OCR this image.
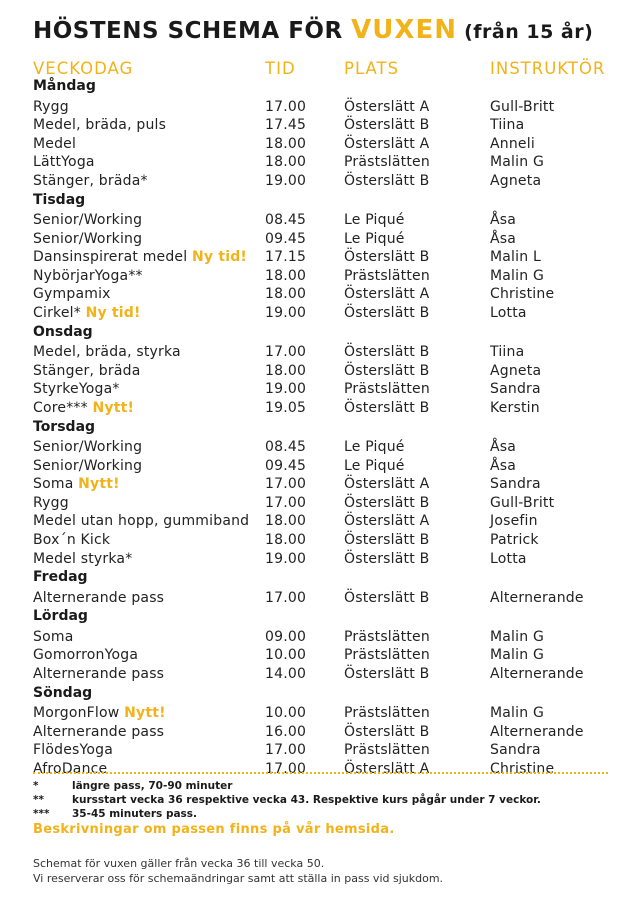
HÖSTENS SCHEMA FÖR VUXEN (från 15 år)
VECKODAG	TID	PLATS	INSTRUKTÖR
Måndag
Rygg	17.00	Österslätt A	Gull-Britt
Medel, bräda, puls	17.45	Österslätt B	Tiina
Medel	18.00	Österslätt A	Anneli
LättYoga	18.00	Prästslätten	Malin G
Stänger, bräda*	19.00	Österslätt B	Agneta
Tisdag
Senior/Working	08.45	Le Piqué	Åsa
Senior/Working	09.45	Le Piqué	Åsa
Dansinspirerat medel Ny tid! 17.15	Österslätt B	Malin L
NybörjarYoga**	18.00	Prästslätten	Malin G
Gympamix	18.00	Österslätt A	Christine
Cirkel* Ny tid!	19.00	Österslätt B	Lotta
Onsdag
Medel, bräda, styrka	17.00	Österslätt B	Tiina
Stänger, bräda	18.00	Österslätt B	Agneta
StyrkeYoga*	19.00	Prästslätten	Sandra
Core*** Nytt!	19.05	Österslätt B	Kerstin
Torsdag
Senior/Working	08.45	Le Piqué	Åsa
Senior/Working	09.45	Le Piqué	Åsa
Soma Nytt!	17.00	Österslätt A	Sandra
Rygg	17.00	Österslätt B	Gull-Britt
Medel utan hopp, gummiband 18.00	Österslätt A	Josefin
Box´n Kick	18.00	Österslätt B	Patrick
Medel styrka*	19.00	Österslätt B	Lotta
Fredag
Alternerande pass	17.00	Österslätt B	Alternerande
Lördag
Soma	09.00	Prästslätten	Malin G
GomorronYoga	10.00	Prästslätten	Malin G
Alternerande pass	14.00	Österslätt B	Alternerande
Söndag
MorgonFlow Nytt!	10.00	Prästslätten	Malin G
Alternerande pass	16.00	Österslätt B	Alternerande
FlödesYoga	17.00	Prästslätten	Sandra
AfroDance	17.00	Österslätt A	Christine
*	längre pass, 70-90 minuter
**	kursstart vecka 36 respektive vecka 43. Respektive kurs pågår under 7 veckor.
*** 35-45 minuters pass.
Beskrivningar om passen finns på vår hemsida.
Schemat för vuxen gäller från vecka 36 till vecka 50.
Vi reserverar oss för schemaändringar samt att ställa in pass vid sjukdom.
